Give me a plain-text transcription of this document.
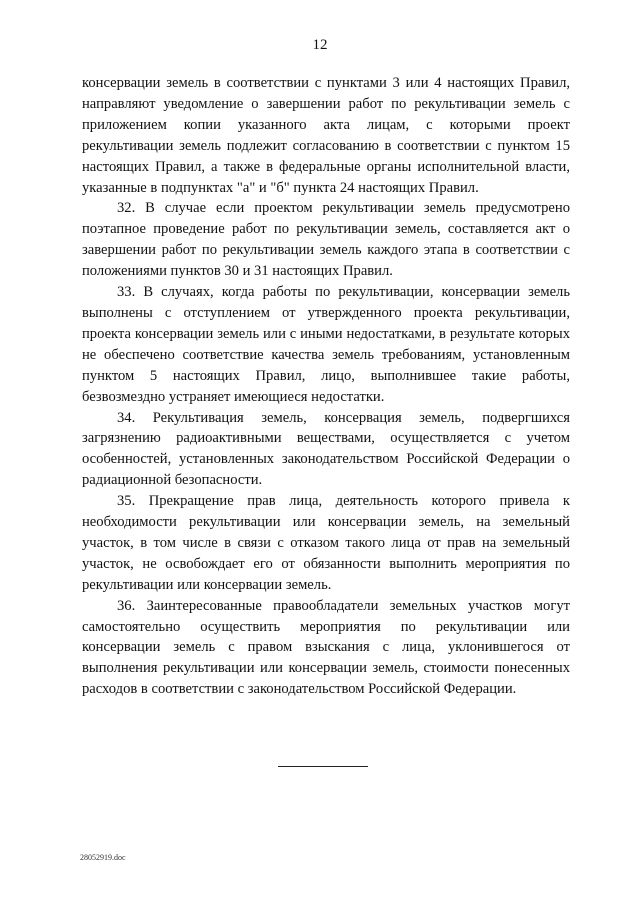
12

консервации земель в соответствии с пунктами 3 или 4 настоящих Правил, направляют уведомление о завершении работ по рекультивации земель с приложением копии указанного акта лицам, с которыми проект рекультивации земель подлежит согласованию в соответствии с пунктом 15 настоящих Правил, а также в федеральные органы исполнительной власти, указанные в подпунктах "а" и "б" пункта 24 настоящих Правил.

32. В случае если проектом рекультивации земель предусмотрено поэтапное проведение работ по рекультивации земель, составляется акт о завершении работ по рекультивации земель каждого этапа в соответствии с положениями пунктов 30 и 31 настоящих Правил.

33. В случаях, когда работы по рекультивации, консервации земель выполнены с отступлением от утвержденного проекта рекультивации, проекта консервации земель или с иными недостатками, в результате которых не обеспечено соответствие качества земель требованиям, установленным пунктом 5 настоящих Правил, лицо, выполнившее такие работы, безвозмездно устраняет имеющиеся недостатки.

34. Рекультивация земель, консервация земель, подвергшихся загрязнению радиоактивными веществами, осуществляется с учетом особенностей, установленных законодательством Российской Федерации о радиационной безопасности.

35. Прекращение прав лица, деятельность которого привела к необходимости рекультивации или консервации земель, на земельный участок, в том числе в связи с отказом такого лица от прав на земельный участок, не освобождает его от обязанности выполнить мероприятия по рекультивации или консервации земель.

36. Заинтересованные правообладатели земельных участков могут самостоятельно осуществить мероприятия по рекультивации или консервации земель с правом взыскания с лица, уклонившегося от выполнения рекультивации или консервации земель, стоимости понесенных расходов в соответствии с законодательством Российской Федерации.

28052919.doc
